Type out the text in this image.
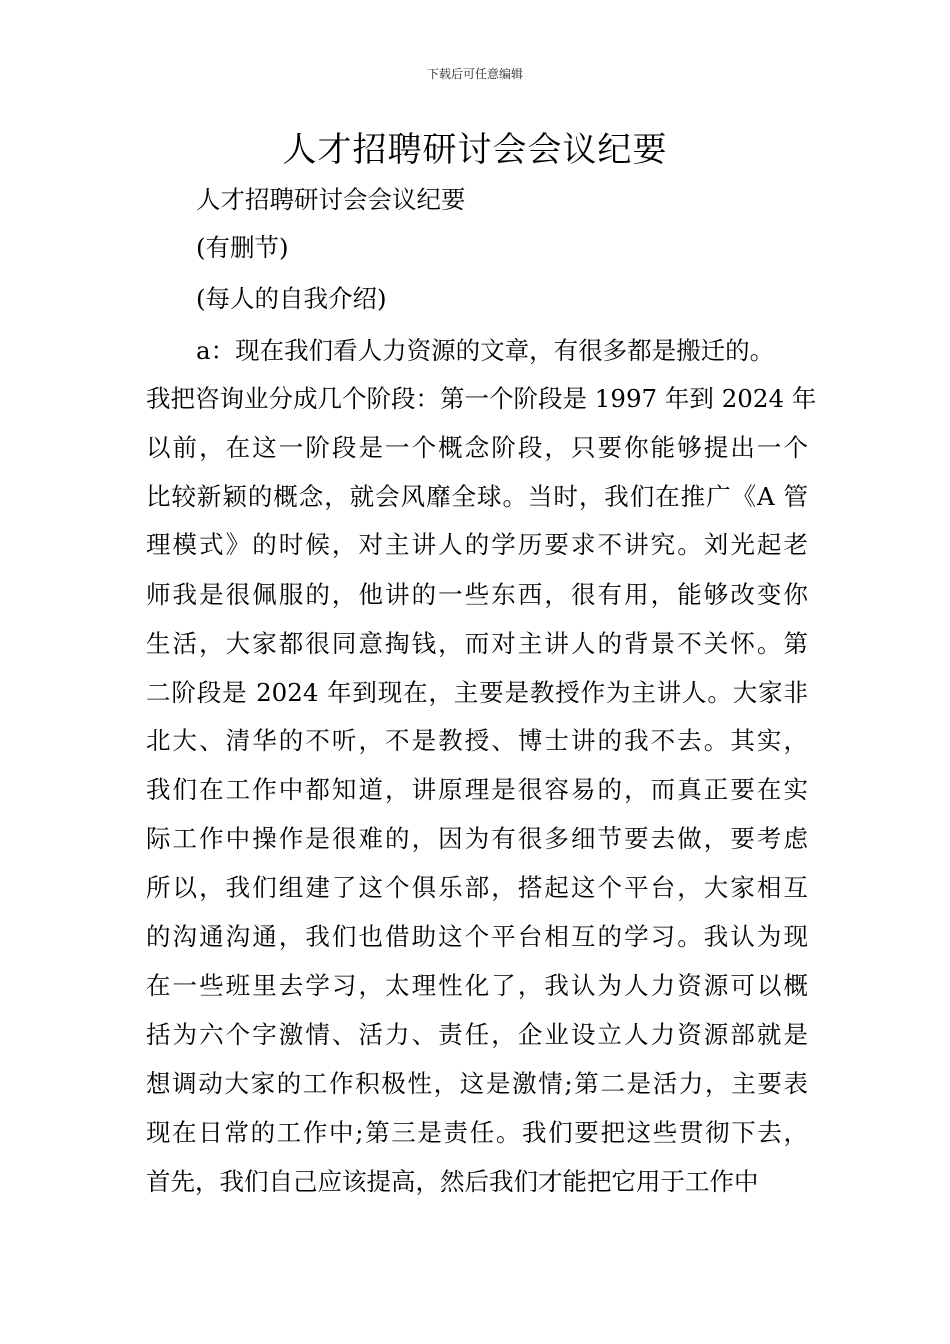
下载后可任意编辑
人才招聘研讨会会议纪要
人才招聘研讨会会议纪要
(有删节)
(每人的自我介绍)
a：现在我们看人力资源的文章，有很多都是搬迁的。
我把咨询业分成几个阶段：第一个阶段是 1997 年到 2024 年
以前，在这一阶段是一个概念阶段，只要你能够提出一个
比较新颖的概念，就会风靡全球。当时，我们在推广《A 管
理模式》的时候，对主讲人的学历要求不讲究。刘光起老
师我是很佩服的，他讲的一些东西，很有用，能够改变你
生活，大家都很同意掏钱，而对主讲人的背景不关怀。第
二阶段是 2024 年到现在，主要是教授作为主讲人。大家非
北大、清华的不听，不是教授、博士讲的我不去。其实，
我们在工作中都知道，讲原理是很容易的，而真正要在实
际工作中操作是很难的，因为有很多细节要去做，要考虑
所以，我们组建了这个俱乐部，搭起这个平台，大家相互
的沟通沟通，我们也借助这个平台相互的学习。我认为现
在一些班里去学习，太理性化了，我认为人力资源可以概
括为六个字激情、活力、责任，企业设立人力资源部就是
想调动大家的工作积极性，这是激情;第二是活力，主要表
现在日常的工作中;第三是责任。我们要把这些贯彻下去，
首先，我们自己应该提高，然后我们才能把它用于工作中
